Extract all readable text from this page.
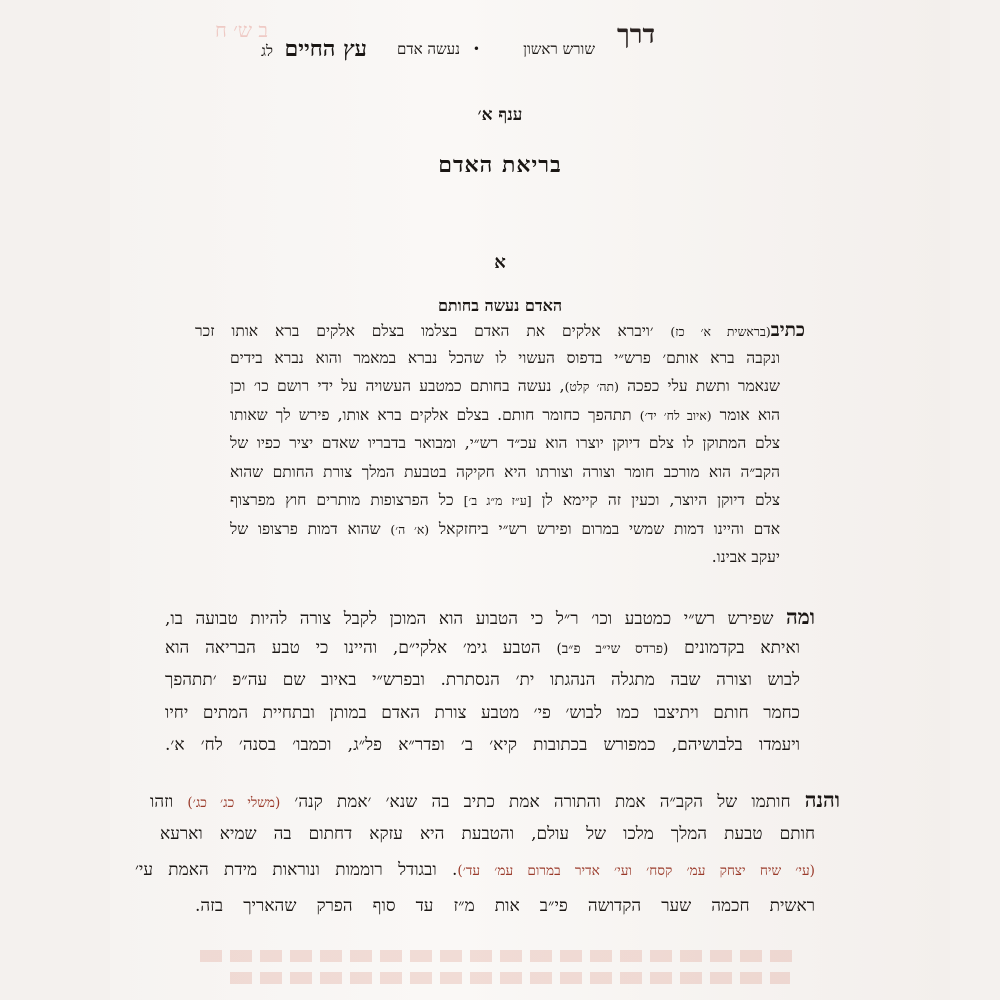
דרך
ב ש׳ ח
שורש ראשון
•
נעשה אדם
עץ החיים
לג
ענף א׳
בריאת האדם
א
האדם נעשה בחותם
כתיב(בראשית א׳ כז) ׳ויברא אלקים את האדם בצלמו בצלם אלקים ברא אותו זכר
ונקבה ברא אותם׳ פרש״י בדפוס העשוי לו שהכל נברא במאמר והוא נברא בידים
שנאמר ותשת עלי כפכה (תה׳ קלט), נעשה בחותם כמטבע העשויה על ידי רושם כו׳ וכן
הוא אומר (איוב לח׳ יד׳) תתהפך כחומר חותם. בצלם אלקים ברא אותו, פירש לך שאותו
צלם המתוקן לו צלם דיוקן יוצרו הוא עכ״ד רש״י, ומבואר בדבריו שאדם יציר כפיו של
הקב״ה הוא מורכב חומר וצורה וצורתו היא חקיקה בטבעת המלך צורת החותם שהוא
צלם דיוקן היוצר, וכעין זה קיימא לן [ע״ז מ״ג ב׳] כל הפרצופות מותרים חוץ מפרצוף
אדם והיינו דמות שמשי במרום ופירש רש״י ביחזקאל (א׳ ה׳) שהוא דמות פרצופו של
יעקב אבינו.
ומה שפירש רש״י כמטבע וכו׳ ר״ל כי הטבוע הוא המוכן לקבל צורה להיות טבועה בו,
ואיתא בקדמונים (פרדס שי״ב פ״ב) הטבע גימ׳ אלקי״ם, והיינו כי טבע הבריאה הוא
לבוש וצורה שבה מתגלה הנהגתו ית׳ הנסתרת. ובפרש״י באיוב שם עה״פ ׳תתהפך
כחמר חותם ויתיצבו כמו לבוש׳ פי׳ מטבע צורת האדם במותן ובתחיית המתים יחיו
ויעמדו בלבושיהם, כמפורש בכתובות קיא׳ ב׳ ופדר״א פל״ג, וכמבו׳ בסנה׳ לח׳ א׳.
והנה חותמו של הקב״ה אמת והתורה אמת כתיב בה שנא׳ ׳אמת קנה׳ (משלי כג׳ כג׳) וזהו
חותם טבעת המלך מלכו של עולם, והטבעת היא עזקא דחתום בה שמיא וארעא
(עי׳ שיח יצחק עמ׳ קסח׳ ועי׳ אדיר במרום עמ׳ עד׳). ובגודל רוממות ונוראות מידת האמת עי׳
ראשית חכמה שער הקדושה פי״ב אות מ״ז עד סוף הפרק שהאריך בזה.
